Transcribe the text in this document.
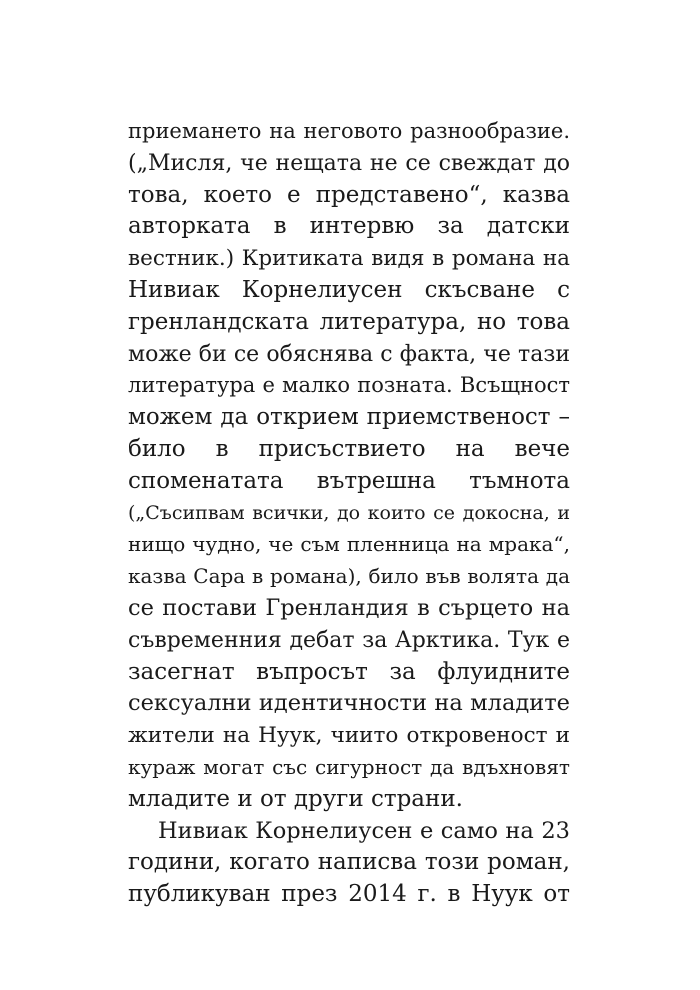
приемането на неговото разнообразие.
(„Мисля, че нещата не се свеждат до
това, което е представено“, казва
авторката в интервю за датски
вестник.) Критиката видя в романа на
Нивиак Корнелиусен скъсване с
гренландската литература, но това
може би се обяснява с факта, че тази
литература е малко позната. Всъщност
можем да открием приемственост –
било в присъствието на вече
споменатата вътрешна тъмнота
(„Съсипвам всички, до които се докосна, и
нищо чудно, че съм пленница на мрака“,
казва Сара в романа), било във волята да
се постави Гренландия в сърцето на
съвременния дебат за Арктика. Тук е
засегнат въпросът за флуидните
сексуални идентичности на младите
жители на Нуук, чиито откровеност и
кураж могат със сигурност да вдъхновят
младите и от други страни.
Нивиак Корнелиусен е само на 23
години, когато написва този роман,
публикуван през 2014 г. в Нуук от
